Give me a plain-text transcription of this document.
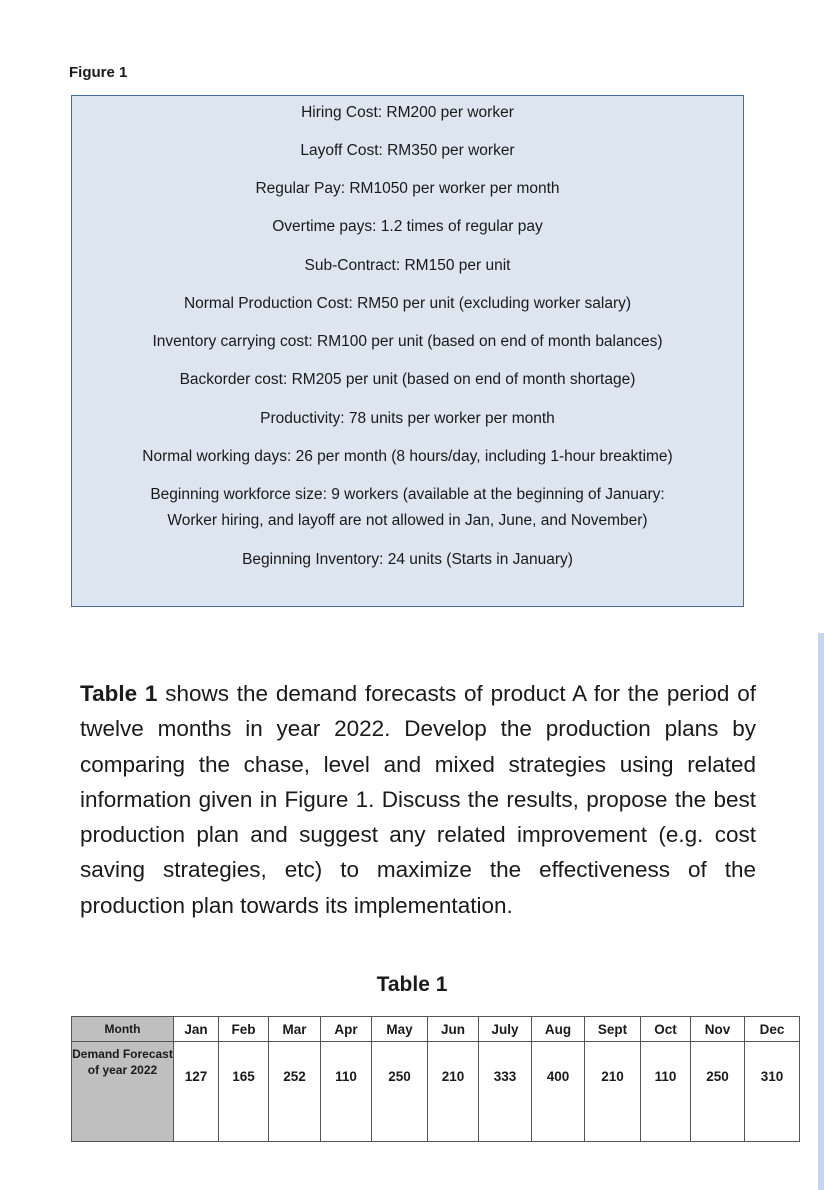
Figure 1
Hiring Cost: RM200 per worker
Layoff Cost: RM350 per worker
Regular Pay: RM1050 per worker per month
Overtime pays: 1.2 times of regular pay
Sub-Contract: RM150 per unit
Normal Production Cost: RM50 per unit (excluding worker salary)
Inventory carrying cost: RM100 per unit (based on end of month balances)
Backorder cost: RM205 per unit (based on end of month shortage)
Productivity: 78 units per worker per month
Normal working days: 26 per month (8 hours/day, including 1-hour breaktime)
Beginning workforce size: 9 workers (available at the beginning of January:
Worker hiring, and layoff are not allowed in Jan, June, and November)
Beginning Inventory: 24 units (Starts in January)
Table 1 shows the demand forecasts of product A for the period of twelve months in year 2022. Develop the production plans by comparing the chase, level and mixed strategies using related information given in Figure 1. Discuss the results, propose the best production plan and suggest any related improvement (e.g. cost saving strategies, etc) to maximize the effectiveness of the production plan towards its implementation.
Table 1
Month	Jan	Feb	Mar	Apr	May	Jun	July	Aug	Sept	Oct	Nov	Dec

Demand Forecast of year 2022	127	165	252	110	250	210	333	400	210	110	250	310
